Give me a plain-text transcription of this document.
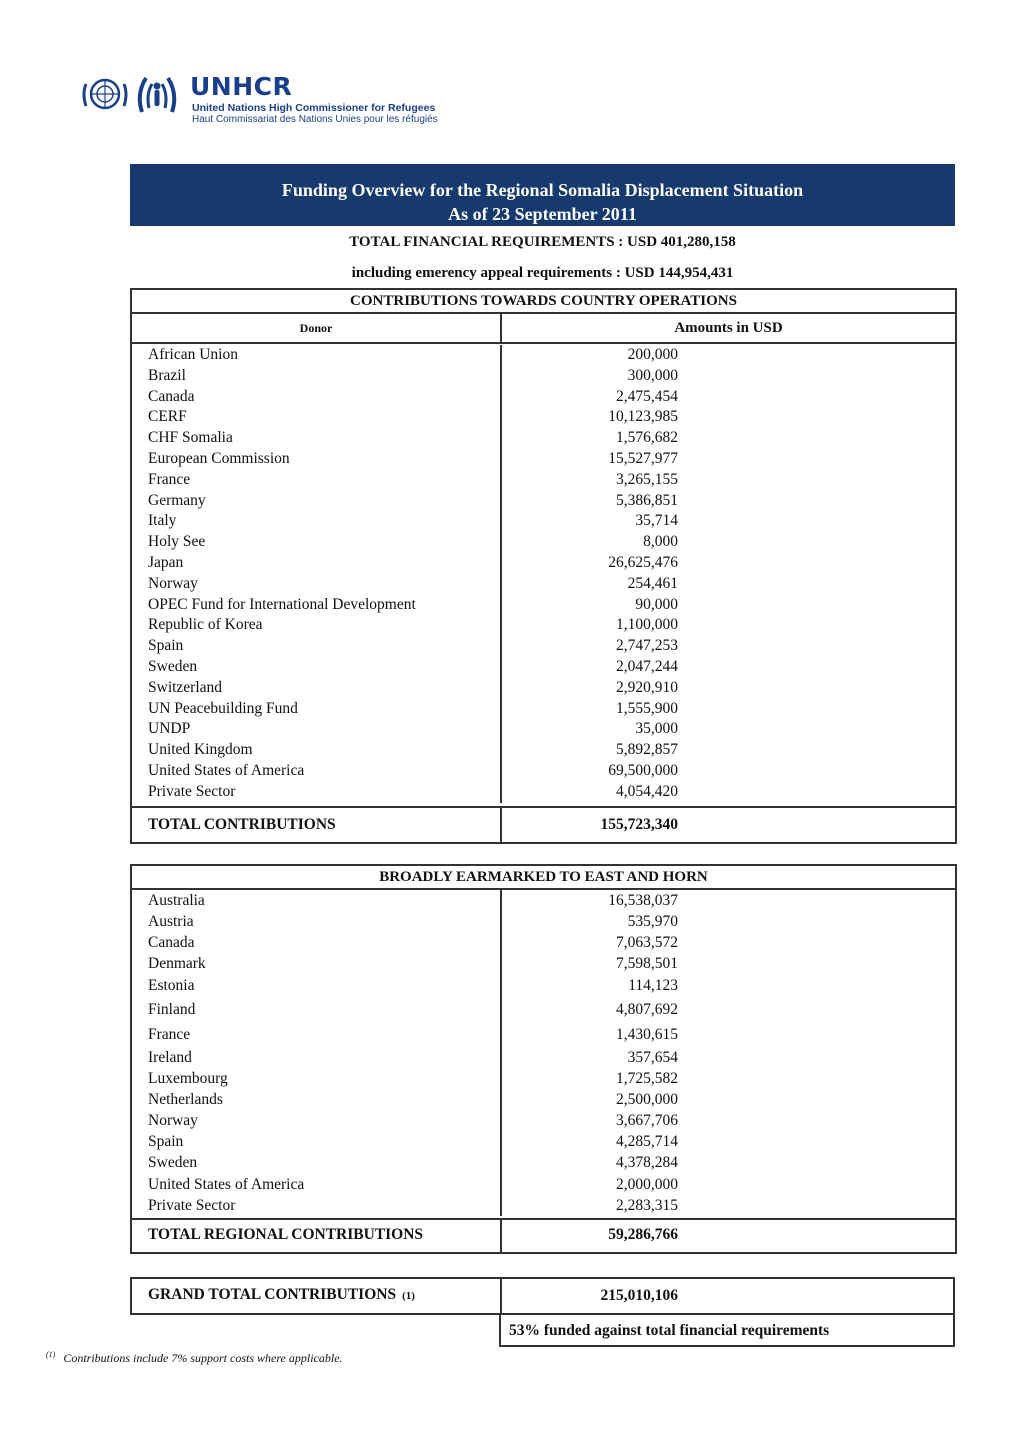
UNHCR
United Nations High Commissioner for Refugees
Haut Commissariat des Nations Unies pour les réfugiés
Funding Overview for the Regional Somalia Displacement Situation
As of 23 September 2011
TOTAL FINANCIAL REQUIREMENTS : USD 401,280,158
including emerency appeal requirements : USD 144,954,431
CONTRIBUTIONS TOWARDS COUNTRY OPERATIONS
Donor	Amounts in USD
African Union	200,000
Brazil	300,000
Canada	2,475,454
CERF	10,123,985
CHF Somalia	1,576,682
European Commission	15,527,977
France	3,265,155
Germany	5,386,851
Italy	35,714
Holy See	8,000
Japan	26,625,476
Norway	254,461
OPEC Fund for International Development	90,000
Republic of Korea	1,100,000
Spain	2,747,253
Sweden	2,047,244
Switzerland	2,920,910
UN Peacebuilding Fund	1,555,900
UNDP	35,000
United Kingdom	5,892,857
United States of America	69,500,000
Private Sector	4,054,420
TOTAL CONTRIBUTIONS	155,723,340
BROADLY EARMARKED TO EAST AND HORN
Australia	16,538,037
Austria	535,970
Canada	7,063,572
Denmark	7,598,501
Estonia	114,123
Finland	4,807,692
France	1,430,615
Ireland	357,654
Luxembourg	1,725,582
Netherlands	2,500,000
Norway	3,667,706
Spain	4,285,714
Sweden	4,378,284
United States of America	2,000,000
Private Sector	2,283,315
TOTAL REGIONAL CONTRIBUTIONS	59,286,766
GRAND TOTAL CONTRIBUTIONS (1)	215,010,106
53% funded against total financial requirements
$^{(1)}$ Contributions include 7% support costs where applicable.
